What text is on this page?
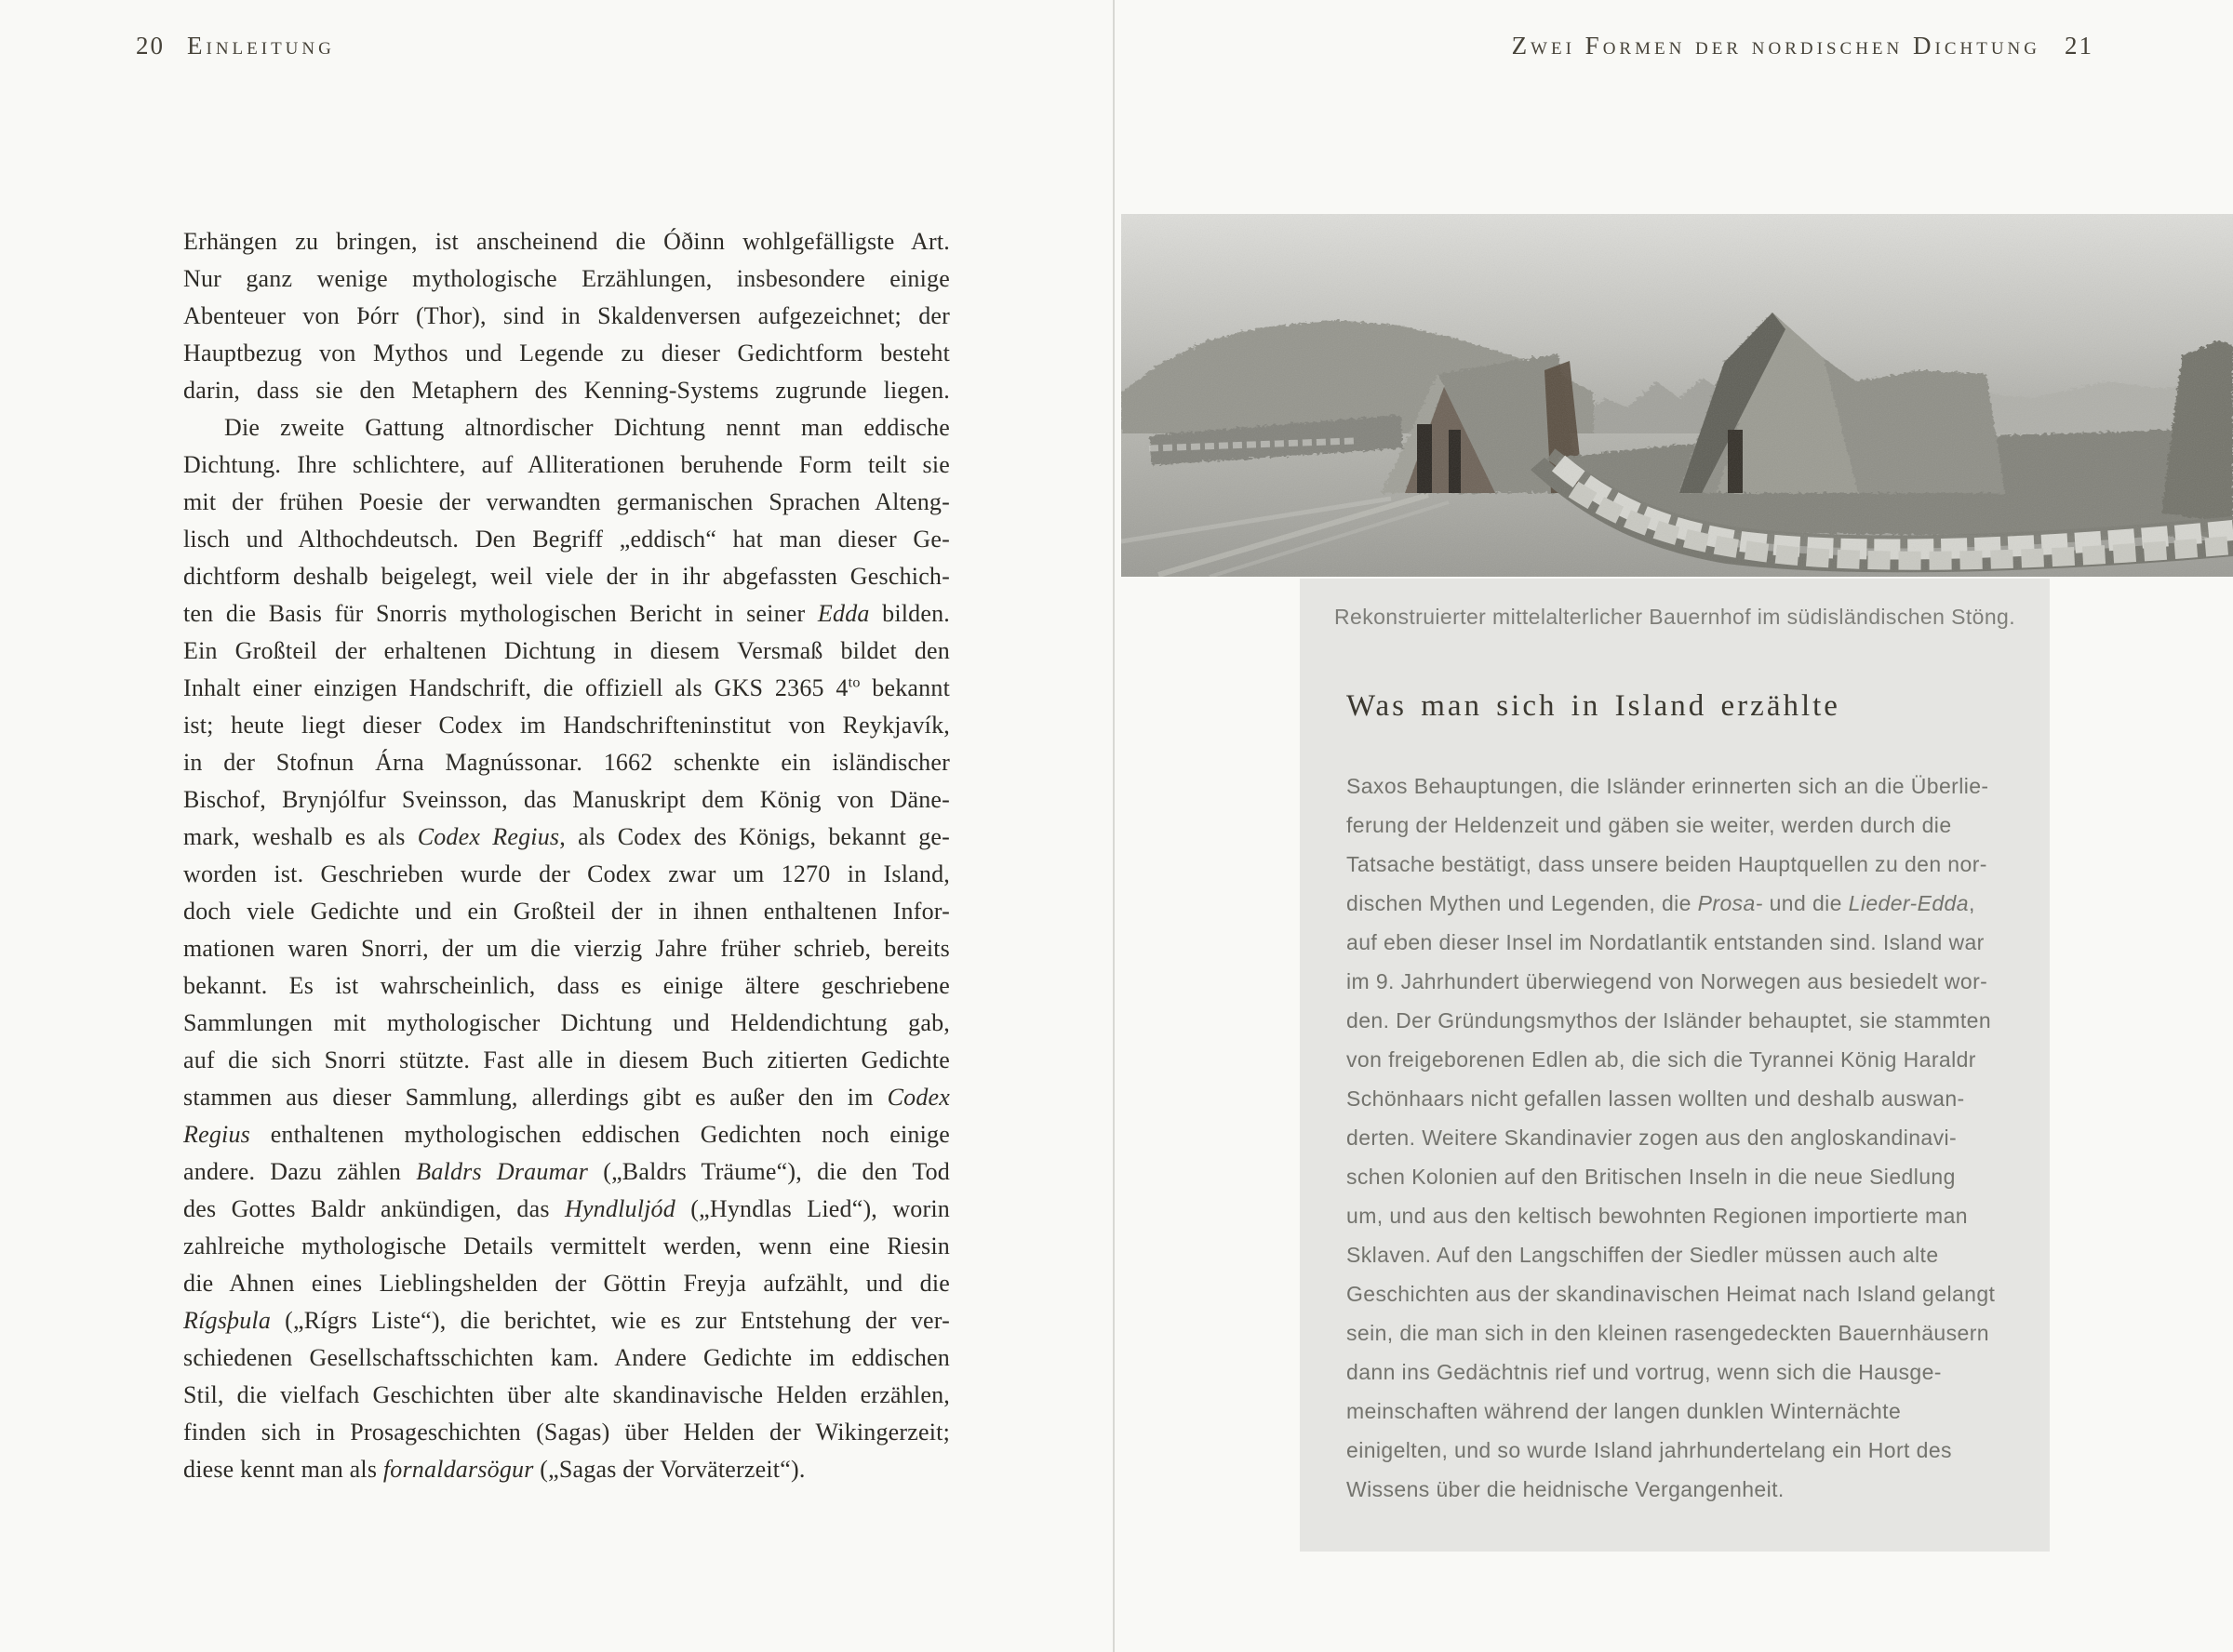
20 Einleitung
Erhängen zu bringen, ist anscheinend die Óðinn wohlgefälligste Art.
Nur ganz wenige mythologische Erzählungen, insbesondere einige
Abenteuer von Þórr (Thor), sind in Skaldenversen aufgezeichnet; der
Hauptbezug von Mythos und Legende zu dieser Gedichtform besteht
darin, dass sie den Metaphern des Kenning-Systems zugrunde liegen.
Die zweite Gattung altnordischer Dichtung nennt man eddische
Dichtung. Ihre schlichtere, auf Alliterationen beruhende Form teilt sie
mit der frühen Poesie der verwandten germanischen Sprachen Alteng-
lisch und Althochdeutsch. Den Begriff „eddisch“ hat man dieser Ge-
dichtform deshalb beigelegt, weil viele der in ihr abgefassten Geschich-
ten die Basis für Snorris mythologischen Bericht in seiner Edda bilden.
Ein Großteil der erhaltenen Dichtung in diesem Versmaß bildet den
Inhalt einer einzigen Handschrift, die offiziell als GKS 2365 $4^{to}$ bekannt
ist; heute liegt dieser Codex im Handschrifteninstitut von Reykjavík,
in der Stofnun Árna Magnússonar. 1662 schenkte ein isländischer
Bischof, Brynjólfur Sveinsson, das Manuskript dem König von Däne-
mark, weshalb es als Codex Regius, als Codex des Königs, bekannt ge-
worden ist. Geschrieben wurde der Codex zwar um 1270 in Island,
doch viele Gedichte und ein Großteil der in ihnen enthaltenen Infor-
mationen waren Snorri, der um die vierzig Jahre früher schrieb, bereits
bekannt. Es ist wahrscheinlich, dass es einige ältere geschriebene
Sammlungen mit mythologischer Dichtung und Heldendichtung gab,
auf die sich Snorri stützte. Fast alle in diesem Buch zitierten Gedichte
stammen aus dieser Sammlung, allerdings gibt es außer den im Codex
Regius enthaltenen mythologischen eddischen Gedichten noch einige
andere. Dazu zählen Baldrs Draumar („Baldrs Träume“), die den Tod
des Gottes Baldr ankündigen, das Hyndluljód („Hyndlas Lied“), worin
zahlreiche mythologische Details vermittelt werden, wenn eine Riesin
die Ahnen eines Lieblingshelden der Göttin Freyja aufzählt, und die
Rígsþula („Rígrs Liste“), die berichtet, wie es zur Entstehung der ver-
schiedenen Gesellschaftsschichten kam. Andere Gedichte im eddischen
Stil, die vielfach Geschichten über alte skandinavische Helden erzählen,
finden sich in Prosageschichten (Sagas) über Helden der Wikingerzeit;
diese kennt man als fornaldarsögur („Sagas der Vorväterzeit“).
Zwei Formen der nordischen Dichtung 21
Rekonstruierter mittelalterlicher Bauernhof im südisländischen Stöng.
Was man sich in Island erzählte
Saxos Behauptungen, die Isländer erinnerten sich an die Überlie-
ferung der Heldenzeit und gäben sie weiter, werden durch die
Tatsache bestätigt, dass unsere beiden Hauptquellen zu den nor-
dischen Mythen und Legenden, die Prosa- und die Lieder-Edda,
auf eben dieser Insel im Nordatlantik entstanden sind. Island war
im 9. Jahrhundert überwiegend von Norwegen aus besiedelt wor-
den. Der Gründungsmythos der Isländer behauptet, sie stammten
von freigeborenen Edlen ab, die sich die Tyrannei König Haraldr
Schönhaars nicht gefallen lassen wollten und deshalb auswan-
derten. Weitere Skandinavier zogen aus den angloskandinavi-
schen Kolonien auf den Britischen Inseln in die neue Siedlung
um, und aus den keltisch bewohnten Regionen importierte man
Sklaven. Auf den Langschiffen der Siedler müssen auch alte
Geschichten aus der skandinavischen Heimat nach Island gelangt
sein, die man sich in den kleinen rasengedeckten Bauernhäusern
dann ins Gedächtnis rief und vortrug, wenn sich die Hausge-
meinschaften während der langen dunklen Winternächte
einigelten, und so wurde Island jahrhundertelang ein Hort des
Wissens über die heidnische Vergangenheit.
